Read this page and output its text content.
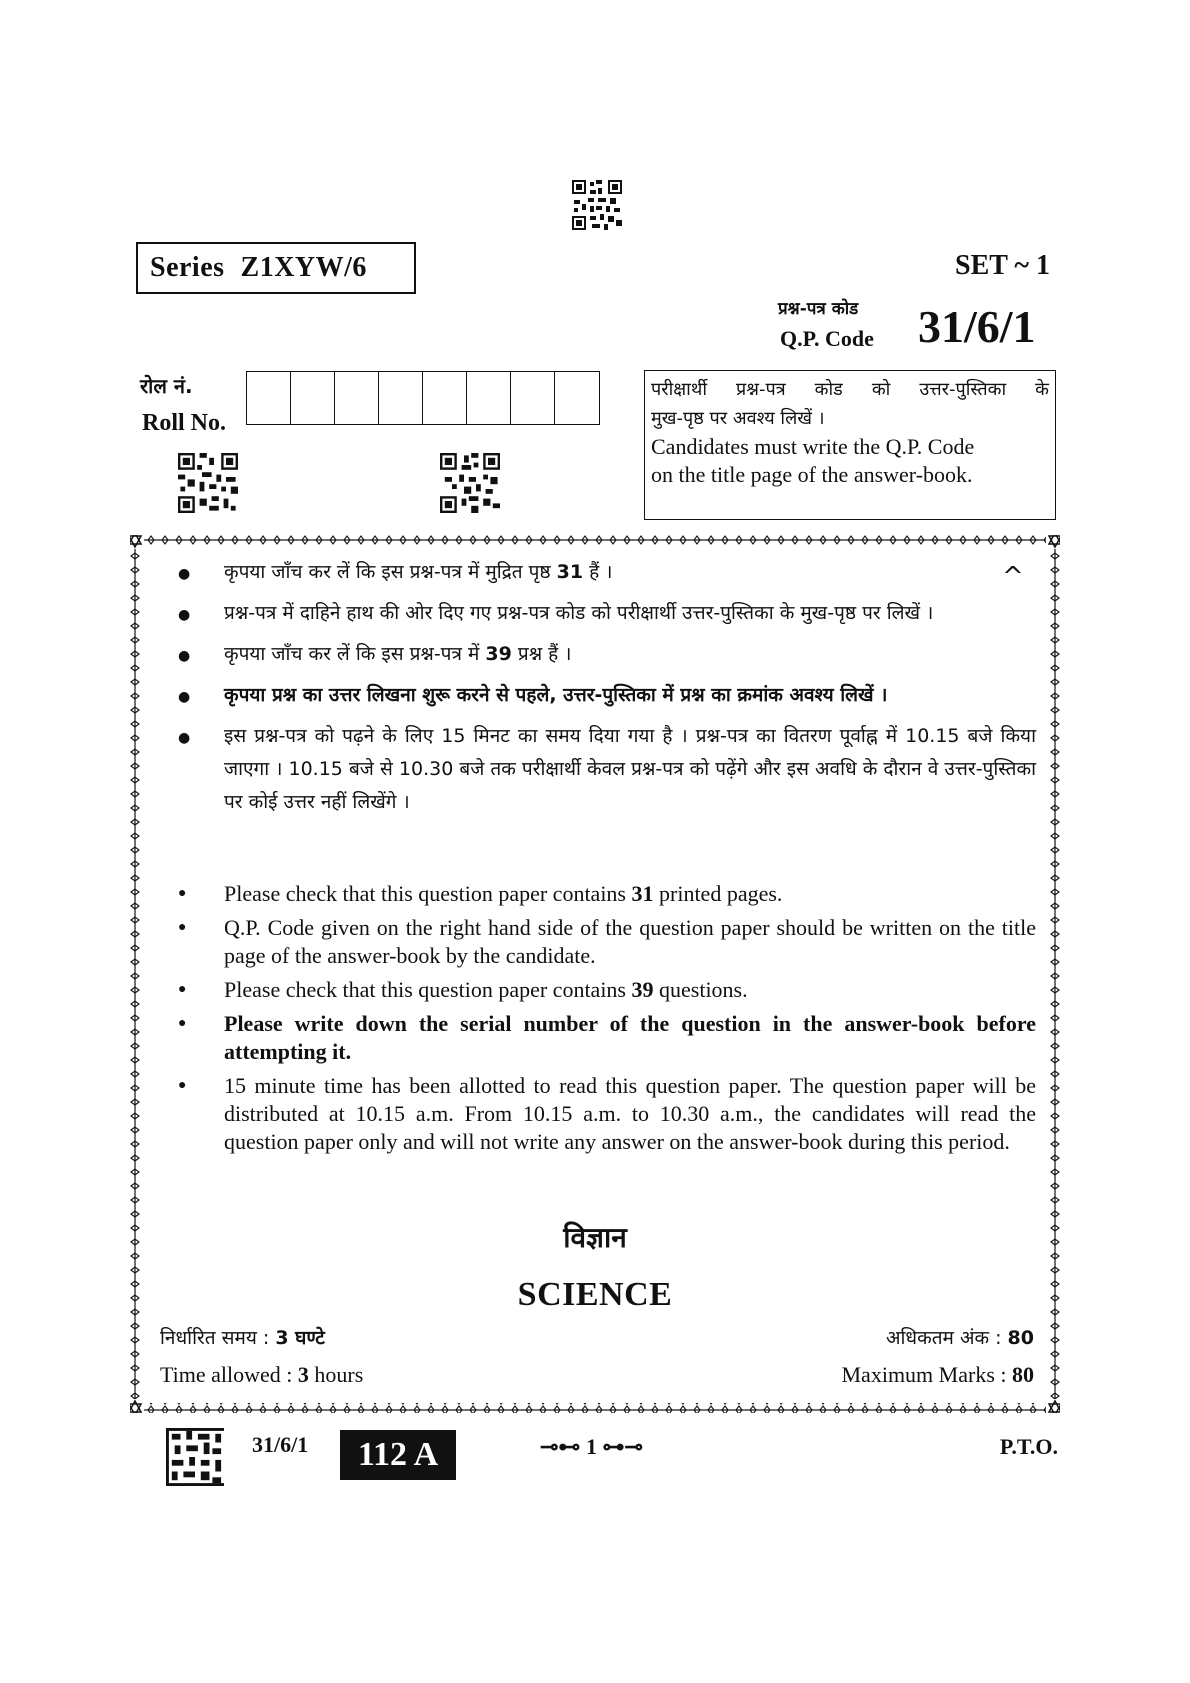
Series Z1XYW/6	SET ~ 1
प्रश्न-पत्र कोड
Q.P. Code 31/6/1
रोल नं.
Roll No.
परीक्षार्थी प्रश्न-पत्र कोड को उत्तर-पुस्तिका के
मुख-पृष्ठ पर अवश्य लिखें ।
Candidates must write the Q.P. Code
on the title page of the answer-book.
^
● कृपया जाँच कर लें कि इस प्रश्न-पत्र में मुद्रित पृष्ठ 31 हैं ।
● प्रश्न-पत्र में दाहिने हाथ की ओर दिए गए प्रश्न-पत्र कोड को परीक्षार्थी उत्तर-पुस्तिका के मुख-पृष्ठ पर लिखें ।
● कृपया जाँच कर लें कि इस प्रश्न-पत्र में 39 प्रश्न हैं ।
● कृपया प्रश्न का उत्तर लिखना शुरू करने से पहले, उत्तर-पुस्तिका में प्रश्न का क्रमांक अवश्य लिखें ।
● इस प्रश्न-पत्र को पढ़ने के लिए 15 मिनट का समय दिया गया है । प्रश्न-पत्र का वितरण पूर्वाह्न में 10.15 बजे किया जाएगा । 10.15 बजे से 10.30 बजे तक परीक्षार्थी केवल प्रश्न-पत्र को पढ़ेंगे और इस अवधि के दौरान वे उत्तर-पुस्तिका पर कोई उत्तर नहीं लिखेंगे ।
● Please check that this question paper contains 31 printed pages.
● Q.P. Code given on the right hand side of the question paper should be written on the title page of the answer-book by the candidate.
● Please check that this question paper contains 39 questions.
● Please write down the serial number of the question in the answer-book before attempting it.
● 15 minute time has been allotted to read this question paper. The question paper will be distributed at 10.15 a.m. From 10.15 a.m. to 10.30 a.m., the candidates will read the question paper only and will not write any answer on the answer-book during this period.
विज्ञान
SCIENCE
निर्धारित समय : 3 घण्टे
Time allowed : 3 hours
अधिकतम अंक : 80
Maximum Marks : 80
31/6/1	112 A	⊸⊷ 1 ⊶⊸	P.T.O.
